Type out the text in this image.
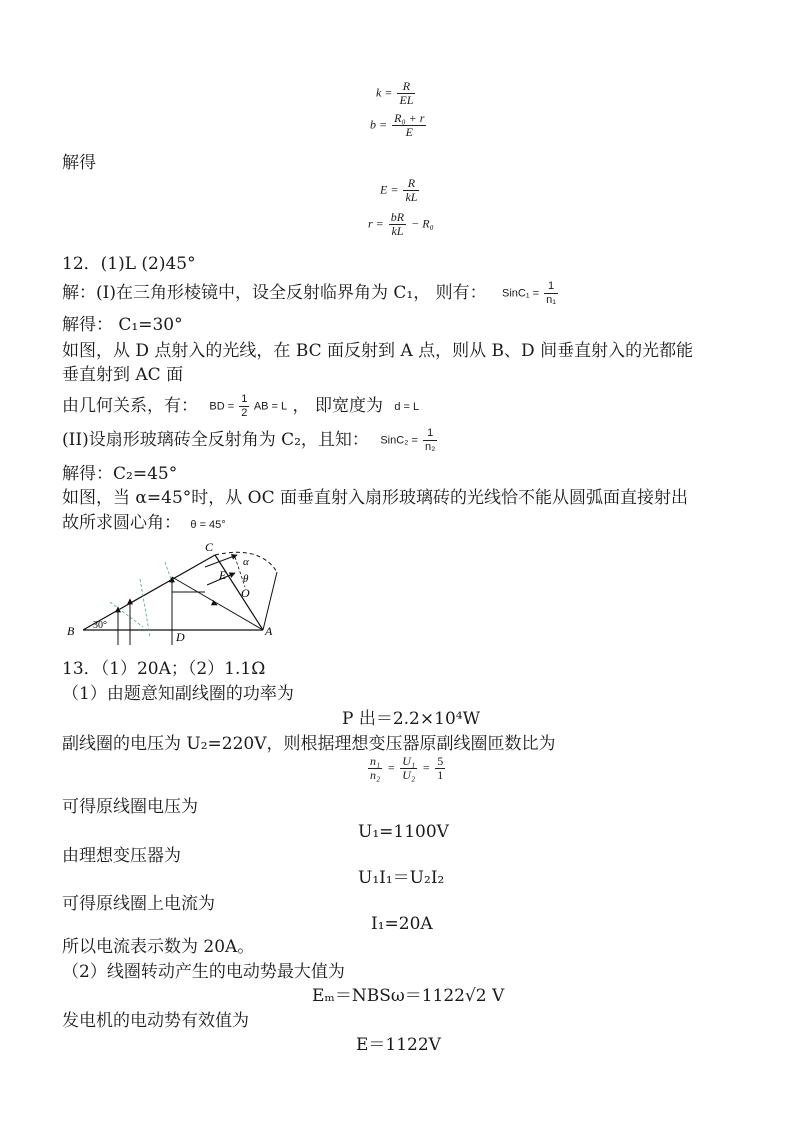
$k = \frac{R}{EL}$
$b = \frac{\text{R₀ + r}}{E}$
解得
$E = \frac{R}{kL}$
$r = \frac{bR}{kL} - R_0$
12．(1)L (2)45°
解：(I)在三角形棱镜中，设全反射临界角为 C₁， 则有： SinC₁ = $\frac{1}{\text{n₁}}$
解得： C₁=30°
如图，从 D 点射入的光线，在 BC 面反射到 A 点，则从 B、D 间垂直射入的光都能
垂直射到 AC 面
由几何关系，有： BD = $\frac{1}{2}$ AB = L ， 即宽度为 d = L
(II)设扇形玻璃砖全反射角为 C₂，且知： SinC₂ = $\frac{1}{\text{n₂}}$
解得：C₂=45°
如图，当 α=45°时，从 OC 面垂直射入扇形玻璃砖的光线恰不能从圆弧面直接射出
故所求圆心角： θ = 45°
B	A
C
D
E
O
α
θ
30°
13．（1）20A；（2）1.1Ω
（1）由题意知副线圈的功率为
P 出＝2.2×10⁴W
副线圈的电压为 U₂=220V，则根据理想变压器原副线圈匝数比为
$\frac{\text{n₁}}{\text{n₂}} = \frac{\text{U₁}}{\text{U₂}} = \frac{5}{1}$
可得原线圈电压为
U₁=1100V
由理想变压器为
U₁I₁＝U₂I₂
可得原线圈上电流为
I₁=20A
所以电流表示数为 20A。
（2）线圈转动产生的电动势最大值为
Eₘ＝NBSω＝1122√2 V
发电机的电动势有效值为
E＝1122V
